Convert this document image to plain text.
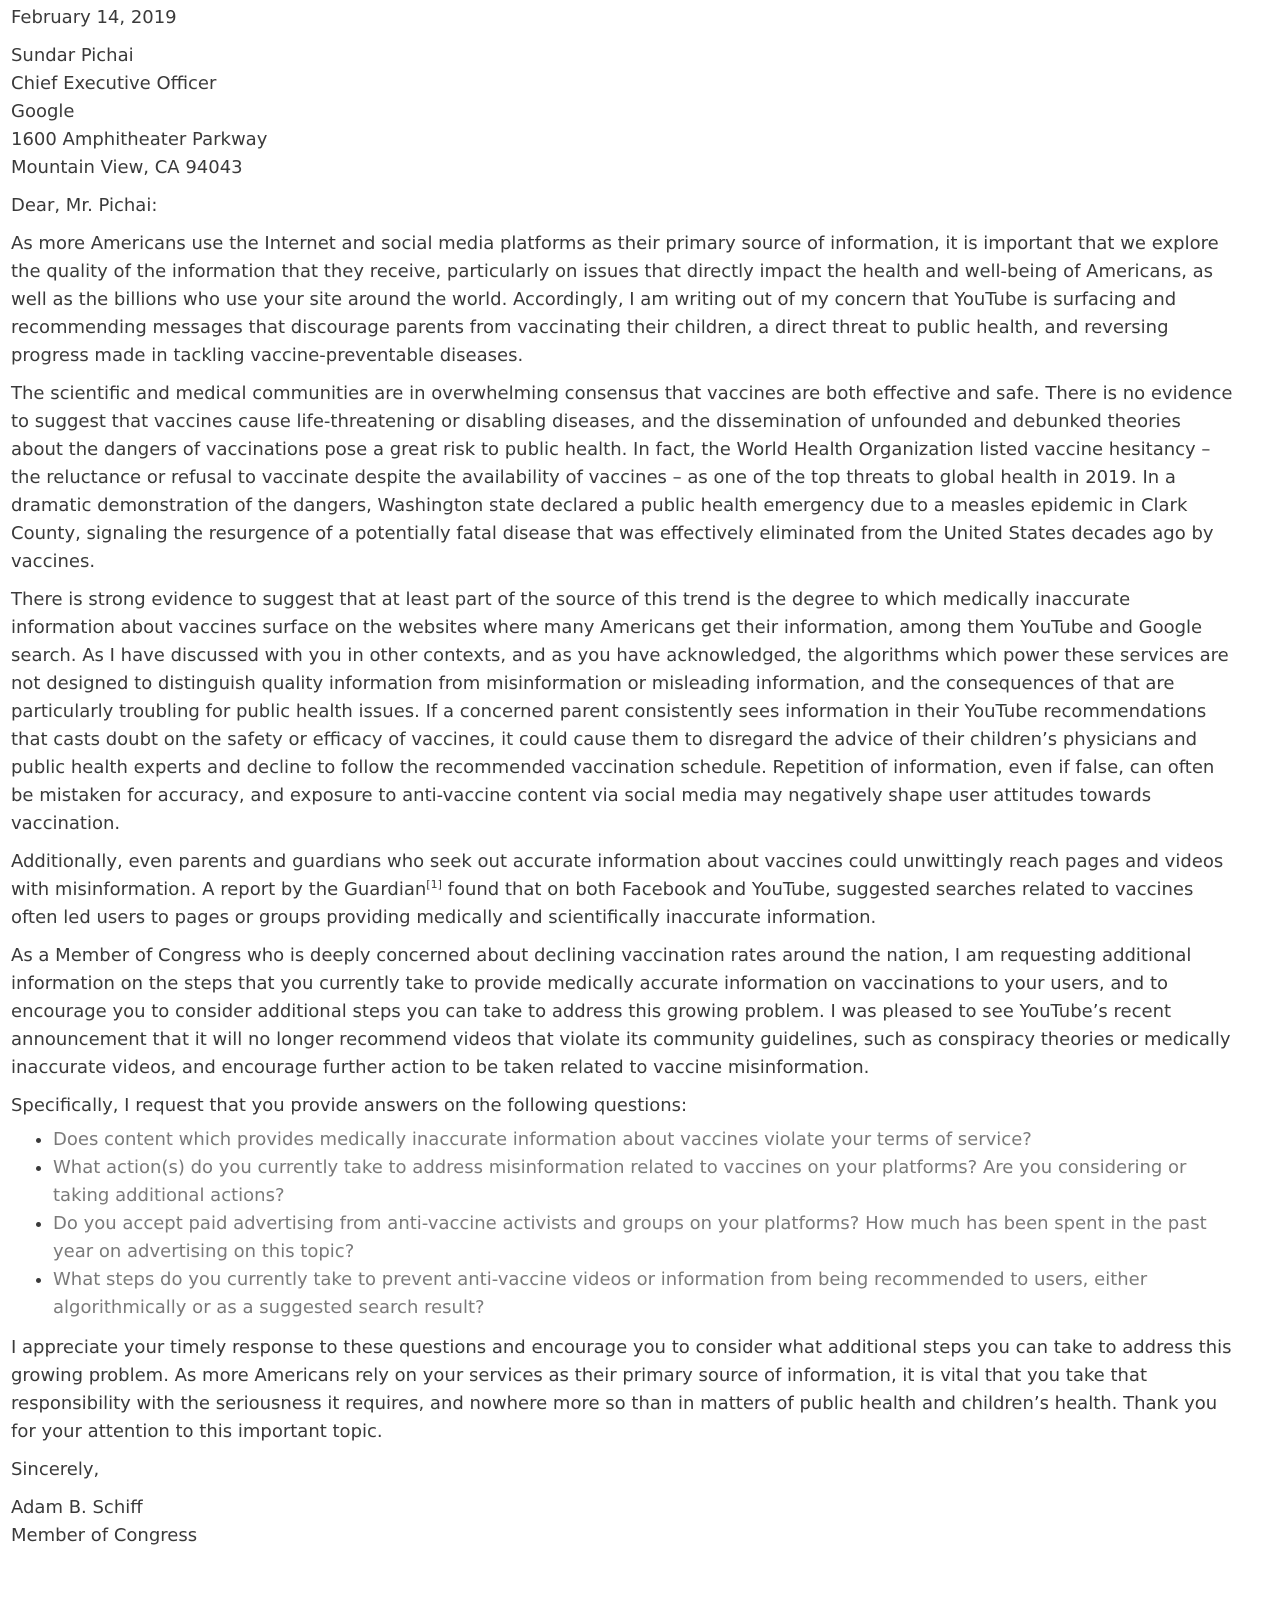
February 14, 2019

Sundar Pichai

Chief Executive Officer

Google

1600 Amphitheater Parkway

Mountain View, CA 94043

Dear, Mr. Pichai:

As more Americans use the Internet and social media platforms as their primary source of information, it is important that we explore the quality of the information that they receive, particularly on issues that directly impact the health and well-being of Americans, as well as the billions who use your site around the world. Accordingly, I am writing out of my concern that YouTube is surfacing and recommending messages that discourage parents from vaccinating their children, a direct threat to public health, and reversing progress made in tackling vaccine-preventable diseases.

The scientific and medical communities are in overwhelming consensus that vaccines are both effective and safe. There is no evidence to suggest that vaccines cause life-threatening or disabling diseases, and the dissemination of unfounded and debunked theories about the dangers of vaccinations pose a great risk to public health. In fact, the World Health Organization listed vaccine hesitancy – the reluctance or refusal to vaccinate despite the availability of vaccines – as one of the top threats to global health in 2019. In a dramatic demonstration of the dangers, Washington state declared a public health emergency due to a measles epidemic in Clark County, signaling the resurgence of a potentially fatal disease that was effectively eliminated from the United States decades ago by vaccines.

There is strong evidence to suggest that at least part of the source of this trend is the degree to which medically inaccurate information about vaccines surface on the websites where many Americans get their information, among them YouTube and Google search. As I have discussed with you in other contexts, and as you have acknowledged, the algorithms which power these services are not designed to distinguish quality information from misinformation or misleading information, and the consequences of that are particularly troubling for public health issues. If a concerned parent consistently sees information in their YouTube recommendations that casts doubt on the safety or efficacy of vaccines, it could cause them to disregard the advice of their children’s physicians and public health experts and decline to follow the recommended vaccination schedule. Repetition of information, even if false, can often be mistaken for accuracy, and exposure to anti-vaccine content via social media may negatively shape user attitudes towards vaccination.

Additionally, even parents and guardians who seek out accurate information about vaccines could unwittingly reach pages and videos with misinformation. A report by the Guardian[1] found that on both Facebook and YouTube, suggested searches related to vaccines often led users to pages or groups providing medically and scientifically inaccurate information.

As a Member of Congress who is deeply concerned about declining vaccination rates around the nation, I am requesting additional information on the steps that you currently take to provide medically accurate information on vaccinations to your users, and to encourage you to consider additional steps you can take to address this growing problem. I was pleased to see YouTube’s recent announcement that it will no longer recommend videos that violate its community guidelines, such as conspiracy theories or medically inaccurate videos, and encourage further action to be taken related to vaccine misinformation.

Specifically, I request that you provide answers on the following questions:

• Does content which provides medically inaccurate information about vaccines violate your terms of service?
• What action(s) do you currently take to address misinformation related to vaccines on your platforms? Are you considering or taking additional actions?
• Do you accept paid advertising from anti-vaccine activists and groups on your platforms? How much has been spent in the past year on advertising on this topic?
• What steps do you currently take to prevent anti-vaccine videos or information from being recommended to users, either algorithmically or as a suggested search result?

I appreciate your timely response to these questions and encourage you to consider what additional steps you can take to address this growing problem. As more Americans rely on your services as their primary source of information, it is vital that you take that responsibility with the seriousness it requires, and nowhere more so than in matters of public health and children’s health. Thank you for your attention to this important topic.

Sincerely,

Adam B. Schiff

Member of Congress
